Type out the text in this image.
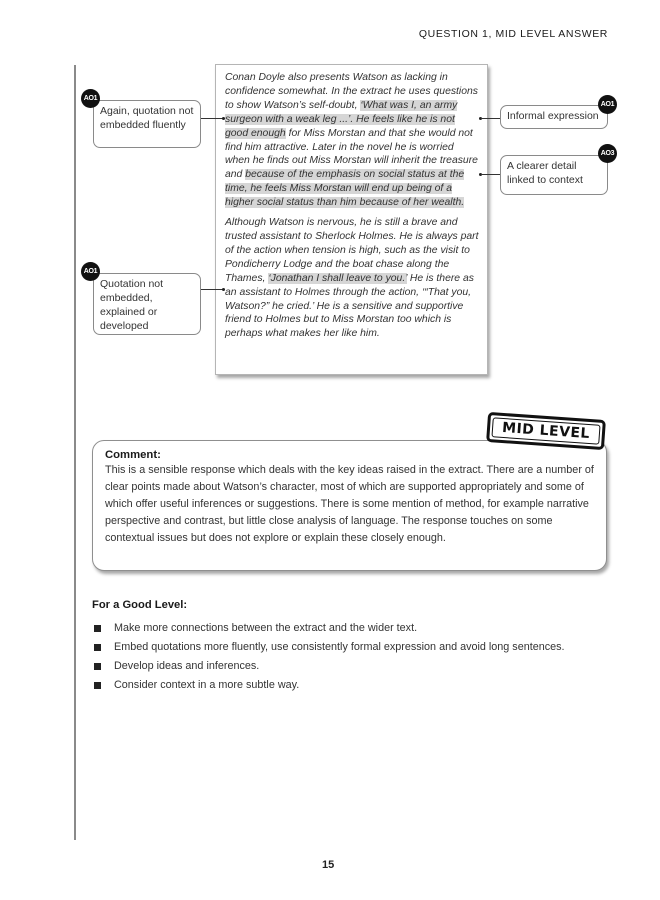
QUESTION 1, MID LEVEL ANSWER

Conan Doyle also presents Watson as lacking in confidence somewhat. In the extract he uses questions to show Watson’s self-doubt, ‘What was I, an army surgeon with a weak leg ...’. He feels like he is not good enough for Miss Morstan and that she would not find him attractive. Later in the novel he is worried when he finds out Miss Morstan will inherit the treasure and because of the emphasis on social status at the time, he feels Miss Morstan will end up being of a higher social status than him because of her wealth.

Although Watson is nervous, he is still a brave and trusted assistant to Sherlock Holmes. He is always part of the action when tension is high, such as the visit to Pondicherry Lodge and the boat chase along the Thames, ‘Jonathan I shall leave to you.’ He is there as an assistant to Holmes through the action, ‘“That you, Watson?” he cried.’ He is a sensitive and supportive friend to Holmes but to Miss Morstan too which is perhaps what makes her like him.

Again, quotation not embedded fluently
AO1
Quotation not embedded, explained or developed
AO1
Informal expression
AO1
A clearer detail linked to context
AO3

Comment:

This is a sensible response which deals with the key ideas raised in the extract. There are a number of clear points made about Watson’s character, most of which are supported appropriately and some of which offer useful inferences or suggestions. There is some mention of method, for example narrative perspective and contrast, but little close analysis of language. The response touches on some contextual issues but does not explore or explain these closely enough.

MID LEVEL

For a Good Level:

Make more connections between the extract and the wider text.
Embed quotations more fluently, use consistently formal expression and avoid long sentences.
Develop ideas and inferences.
Consider context in a more subtle way.
15
